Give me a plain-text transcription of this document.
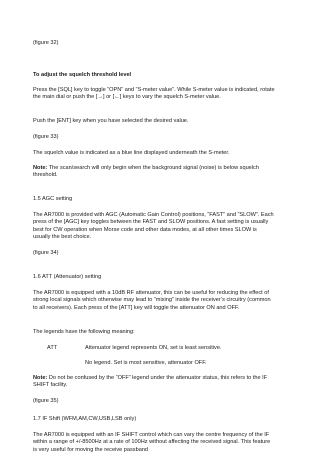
(figure 32)

To adjust the squelch threshold level

Press the [SQL] key to toggle “OPN” and “S-meter value”. While S-meter value is indicated, rotate the main dial or push the [→] or [←] keys to vary the squelch S-meter value.

Push the [ENT] key when you have selected the desired value.

(figure 33)

The squelch value is indicated as a blue line displayed underneath the S-meter.

Note: The scan/search will only begin when the background signal (noise) is below squelch threshold.

1.5 AGC setting

The AR7000 is provided with AGC (Automatic Gain Control) positions, “FAST” and “SLOW”. Each press of the [AGC] key toggles between the FAST and SLOW positions. A fast setting is usually best for CW operation when Morse code and other data modes, at all other times SLOW is usually the best choice.

(figure 34)

1.6 ATT (Attenuator) setting

The AR7000 is equipped with a 10dB RF attenuator, this can be useful for reducing the effect of strong local signals which otherwise may lead to “mixing” inside the receiver’s circuitry (common to all receivers). Each press of the [ATT] key will toggle the attenuator ON and OFF.

The legends have the following meaning:

ATT	Attenuator legend represents ON, set is least sensitive.
No legend. Set is most sensitive, attenuator OFF.

Note: Do not be confused by the “OFF” legend under the attenuator status, this refers to the IF SHIFT facility.

(figure 35)

1.7 IF Shift (WFM,AM,CW,USB,LSB only)

The AR7000 is equipped with an IF SHIFT control which can vary the centre frequency of the IF within a range of +/-8500Hz at a rate of 100Hz without affecting the received signal. This feature is very useful for moving the receive passband
